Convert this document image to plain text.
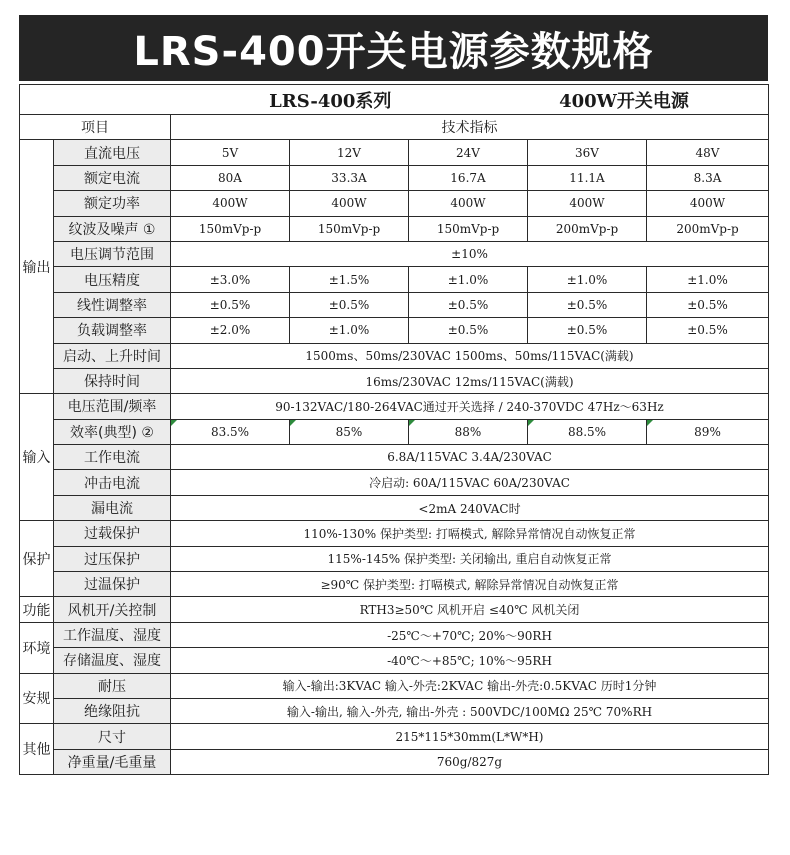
LRS-400开关电源参数规格
LRS-400系列 400W开关电源						
项目		技术指标				
输出	直流电压	5V	12V	24V	36V	48V
	额定电流	80A	33.3A	16.7A	11.1A	8.3A
	额定功率	400W	400W	400W	400W	400W
	纹波及噪声 ①	150mVp-p	150mVp-p	150mVp-p	200mVp-p	200mVp-p
	电压调节范围	±10%				
	电压精度	±3.0%	±1.5%	±1.0%	±1.0%	±1.0%
	线性调整率	±0.5%	±0.5%	±0.5%	±0.5%	±0.5%
	负载调整率	±2.0%	±1.0%	±0.5%	±0.5%	±0.5%
	启动、上升时间	1500ms、50ms/230VAC 1500ms、50ms/115VAC(满载)				
	保持时间	16ms/230VAC 12ms/115VAC(满载)				
输入	电压范围/频率	90-132VAC/180-264VAC通过开关选择 / 240-370VDC 47Hz～63Hz				
	效率(典型) ②	83.5%	85%	88%	88.5%	89%
	工作电流	6.8A/115VAC 3.4A/230VAC				
	冲击电流	冷启动: 60A/115VAC 60A/230VAC				
	漏电流	<2mA 240VAC时				
保护	过载保护	110%-130% 保护类型: 打嗝模式, 解除异常情况自动恢复正常				
	过压保护	115%-145% 保护类型: 关闭输出, 重启自动恢复正常				
	过温保护	≥90℃ 保护类型: 打嗝模式, 解除异常情况自动恢复正常				
功能	风机开/关控制	RTH3≥50℃ 风机开启 ≤40℃ 风机关闭				
环境	工作温度、湿度	-25℃～+70℃; 20%～90RH				
	存储温度、湿度	-40℃～+85℃; 10%～95RH				
安规	耐压	输入-输出:3KVAC 输入-外壳:2KVAC 输出-外壳:0.5KVAC 历时1分钟				
	绝缘阻抗	输入-输出, 输入-外壳, 输出-外壳 : 500VDC/100MΩ 25℃ 70%RH				
其他	尺寸	215*115*30mm(L*W*H)				
	净重量/毛重量	760g/827g				
